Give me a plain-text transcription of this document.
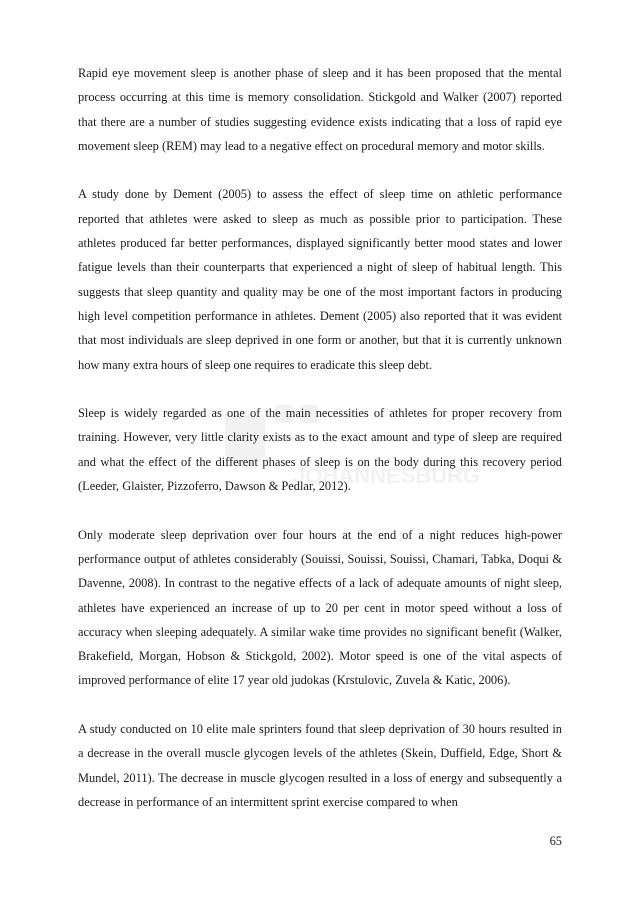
JOHANNESBURG

Rapid eye movement sleep is another phase of sleep and it has been proposed that the mental process occurring at this time is memory consolidation. Stickgold and Walker (2007) reported that there are a number of studies suggesting evidence exists indicating that a loss of rapid eye movement sleep (REM) may lead to a negative effect on procedural memory and motor skills.

A study done by Dement (2005) to assess the effect of sleep time on athletic performance reported that athletes were asked to sleep as much as possible prior to participation. These athletes produced far better performances, displayed significantly better mood states and lower fatigue levels than their counterparts that experienced a night of sleep of habitual length. This suggests that sleep quantity and quality may be one of the most important factors in producing high level competition performance in athletes. Dement (2005) also reported that it was evident that most individuals are sleep deprived in one form or another, but that it is currently unknown how many extra hours of sleep one requires to eradicate this sleep debt.

Sleep is widely regarded as one of the main necessities of athletes for proper recovery from training. However, very little clarity exists as to the exact amount and type of sleep are required and what the effect of the different phases of sleep is on the body during this recovery period (Leeder, Glaister, Pizzoferro, Dawson & Pedlar, 2012).

Only moderate sleep deprivation over four hours at the end of a night reduces high-power performance output of athletes considerably (Souissi, Souissi, Souissi, Chamari, Tabka, Doqui & Davenne, 2008). In contrast to the negative effects of a lack of adequate amounts of night sleep, athletes have experienced an increase of up to 20 per cent in motor speed without a loss of accuracy when sleeping adequately. A similar wake time provides no significant benefit (Walker, Brakefield, Morgan, Hobson & Stickgold, 2002). Motor speed is one of the vital aspects of improved performance of elite 17 year old judokas (Krstulovic, Zuvela & Katic, 2006).

A study conducted on 10 elite male sprinters found that sleep deprivation of 30 hours resulted in a decrease in the overall muscle glycogen levels of the athletes (Skein, Duffield, Edge, Short & Mundel, 2011). The decrease in muscle glycogen resulted in a loss of energy and subsequently a decrease in performance of an intermittent sprint exercise compared to when

65
